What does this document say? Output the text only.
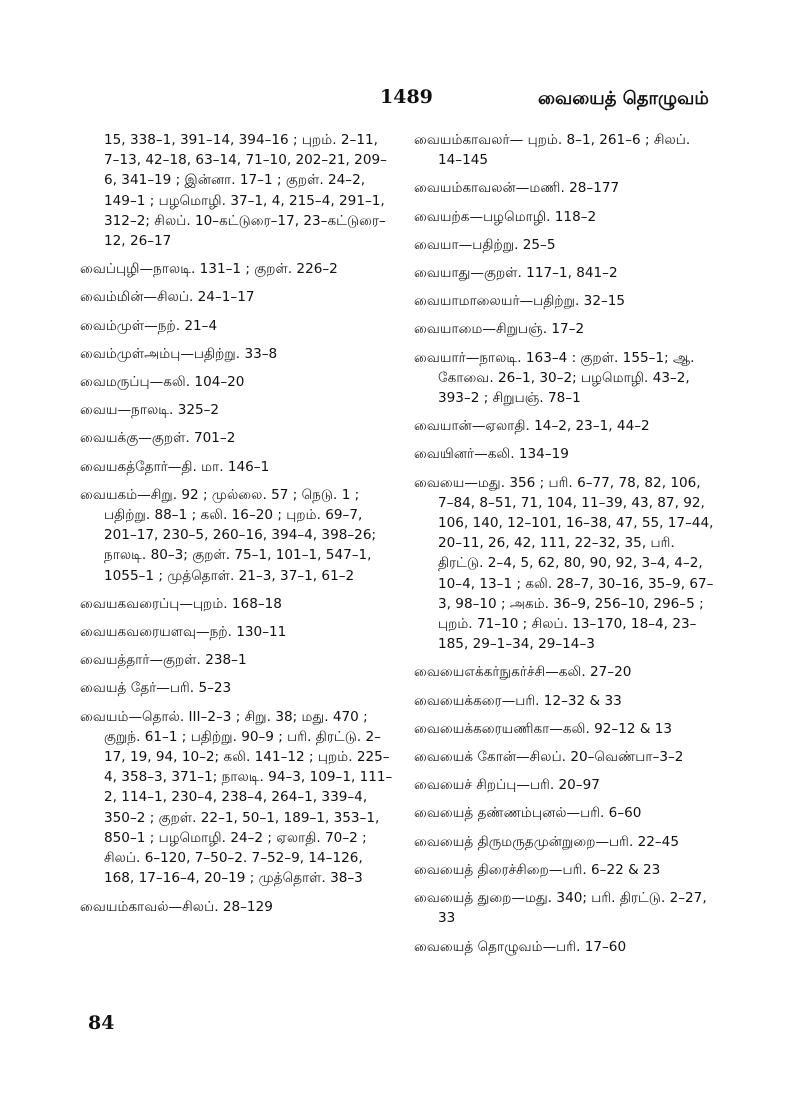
1489	வையைத் தொழுவம்
15, 338–1, 391–14, 394–16 ; புறம். 2–11, 7–13, 42–18, 63–14, 71–10, 202–21, 209–6, 341–19 ; இன்னா. 17–1 ; குறள். 24–2, 149–1 ; பழமொழி. 37–1, 4, 215–4, 291–1, 312–2; சிலப். 10–கட்டுரை–17, 23–கட்டுரை–12, 26–17
வைப்புழி—நாலடி. 131–1 ; குறள். 226–2
வைம்மின்—சிலப். 24–1–17
வைம்முள்—நற். 21–4
வைம்முள்அம்பு—பதிற்று. 33–8
வைமருப்பு—கலி. 104–20
வைய—நாலடி. 325–2
வையக்கு—குறள். 701–2
வையகத்தோர்—தி. மா. 146–1
வையகம்—சிறு. 92 ; முல்லை. 57 ; நெடு. 1 ; பதிற்று. 88–1 ; கலி. 16–20 ; புறம். 69–7, 201–17, 230–5, 260–16, 394–4, 398–26; நாலடி. 80–3; குறள். 75–1, 101–1, 547–1, 1055–1 ; முத்தொள். 21–3, 37–1, 61–2
வையகவரைப்பு—புறம். 168–18
வையகவரையளவு—நற். 130–11
வையத்தார்—குறள். 238–1
வையத் தேர்—பரி. 5–23
வையம்—தொல். III–2–3 ; சிறு. 38; மது. 470 ; குறுந். 61–1 ; பதிற்று. 90–9 ; பரி. திரட்டு. 2–17, 19, 94, 10–2; கலி. 141–12 ; புறம். 225–4, 358–3, 371–1; நாலடி. 94–3, 109–1, 111–2, 114–1, 230–4, 238–4, 264–1, 339–4, 350–2 ; குறள். 22–1, 50–1, 189–1, 353–1, 850–1 ; பழமொழி. 24–2 ; ஏலாதி. 70–2 ; சிலப். 6–120, 7–50–2. 7–52–9, 14–126, 168, 17–16–4, 20–19 ; முத்தொள். 38–3
வையம்காவல்—சிலப். 28–129
வையம்காவலர்— புறம். 8–1, 261–6 ; சிலப். 14–145
வையம்காவலன்—மணி. 28–177
வையற்க—பழமொழி. 118–2
வையா—பதிற்று. 25–5
வையாது—குறள். 117–1, 841–2
வையாமாலையர்—பதிற்று. 32–15
வையாமை—சிறுபஞ். 17–2
வையார்—நாலடி. 163–4 : குறள். 155–1; ஆ. கோவை. 26–1, 30–2; பழமொழி. 43–2, 393–2 ; சிறுபஞ். 78–1
வையான்—ஏலாதி. 14–2, 23–1, 44–2
வையினர்—கலி. 134–19
வையை—மது. 356 ; பரி. 6–77, 78, 82, 106, 7–84, 8–51, 71, 104, 11–39, 43, 87, 92, 106, 140, 12–101, 16–38, 47, 55, 17–44, 20–11, 26, 42, 111, 22–32, 35, பரி. திரட்டு. 2–4, 5, 62, 80, 90, 92, 3–4, 4–2, 10–4, 13–1 ; கலி. 28–7, 30–16, 35–9, 67–3, 98–10 ; அகம். 36–9, 256–10, 296–5 ; புறம். 71–10 ; சிலப். 13–170, 18–4, 23–185, 29–1–34, 29–14–3
வையைஎக்கர்நுகர்ச்சி—கலி. 27–20
வையைக்கரை—பரி. 12–32 & 33
வையைக்கரையணிகா—கலி. 92–12 & 13
வையைக் கோன்—சிலப். 20–வெண்பா–3–2
வையைச் சிறப்பு—பரி. 20–97
வையைத் தண்ணம்புனல்—பரி. 6–60
வையைத் திருமருதமுன்றுறை—பரி. 22–45
வையைத் திரைச்சிறை—பரி. 6–22 & 23
வையைத் துறை—மது. 340; பரி. திரட்டு. 2–27, 33
வையைத் தொழுவம்—பரி. 17–60
84
